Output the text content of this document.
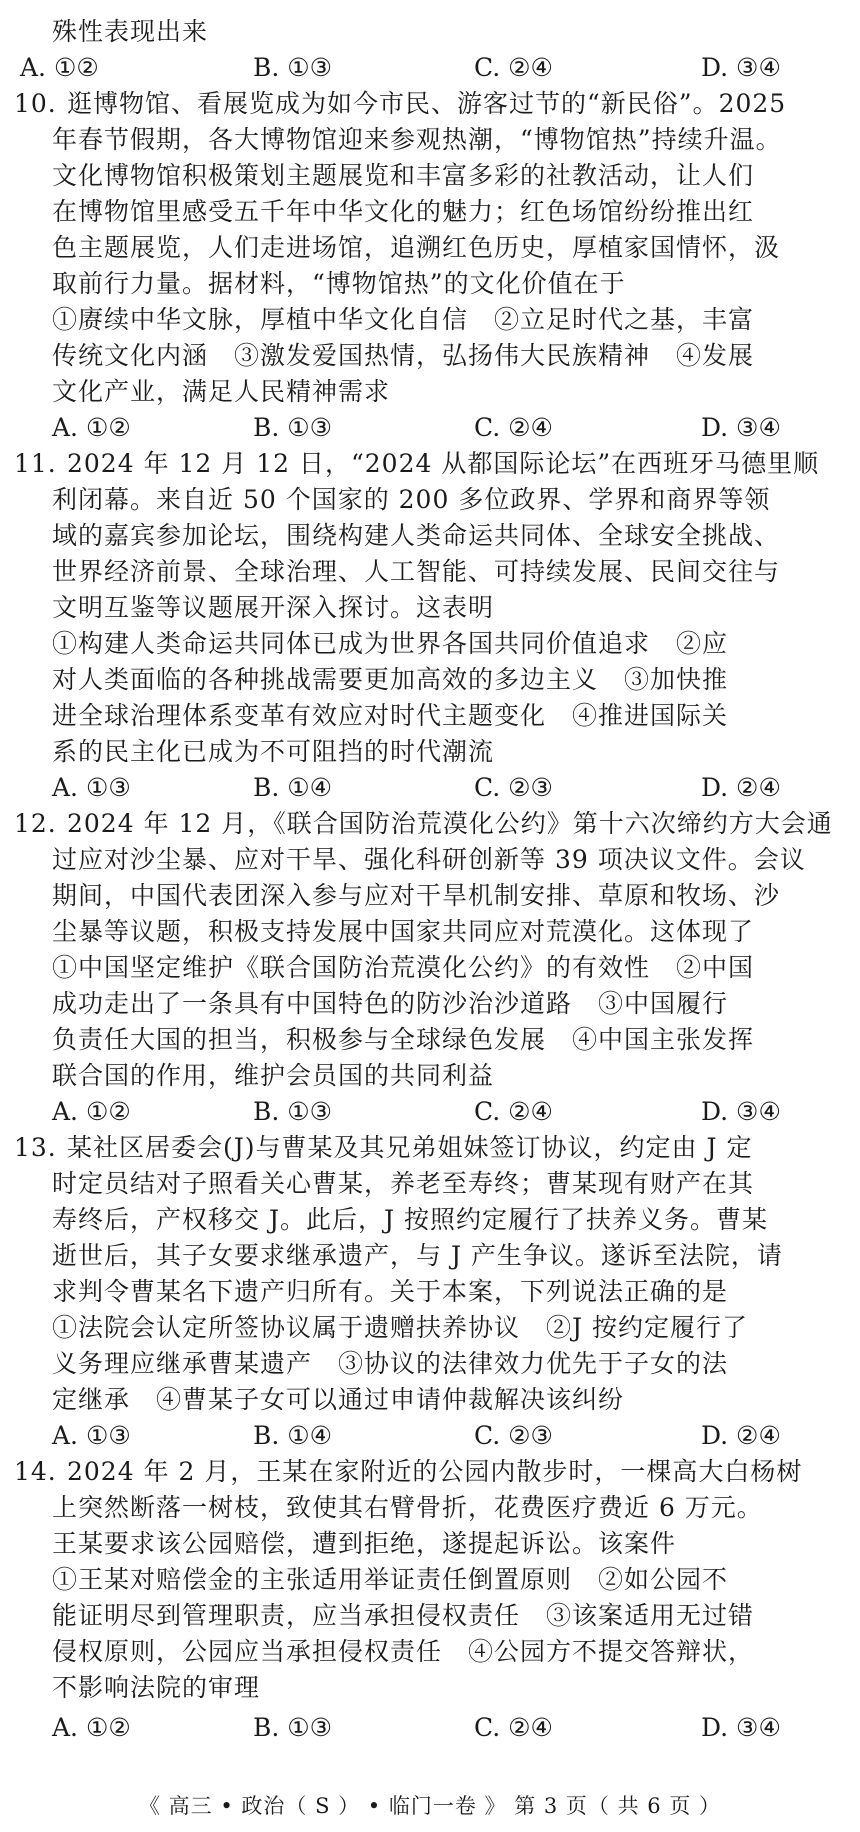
殊性表现出来
A. ①②	B. ①③	C. ②④	D. ③④
10. 逛博物馆、看展览成为如今市民、游客过节的“新民俗”。2025
年春节假期，各大博物馆迎来参观热潮，“博物馆热”持续升温。
文化博物馆积极策划主题展览和丰富多彩的社教活动，让人们
在博物馆里感受五千年中华文化的魅力；红色场馆纷纷推出红
色主题展览，人们走进场馆，追溯红色历史，厚植家国情怀，汲
取前行力量。据材料，“博物馆热”的文化价值在于
①赓续中华文脉，厚植中华文化自信　②立足时代之基，丰富
传统文化内涵　③激发爱国热情，弘扬伟大民族精神　④发展
文化产业，满足人民精神需求
A. ①②	B. ①③	C. ②④	D. ③④
11. 2024 年 12 月 12 日，“2024 从都国际论坛”在西班牙马德里顺
利闭幕。来自近 50 个国家的 200 多位政界、学界和商界等领
域的嘉宾参加论坛，围绕构建人类命运共同体、全球安全挑战、
世界经济前景、全球治理、人工智能、可持续发展、民间交往与
文明互鉴等议题展开深入探讨。这表明
①构建人类命运共同体已成为世界各国共同价值追求　②应
对人类面临的各种挑战需要更加高效的多边主义　③加快推
进全球治理体系变革有效应对时代主题变化　④推进国际关
系的民主化已成为不可阻挡的时代潮流
A. ①③	B. ①④	C. ②③	D. ②④
12. 2024 年 12 月，《联合国防治荒漠化公约》第十六次缔约方大会通
过应对沙尘暴、应对干旱、强化科研创新等 39 项决议文件。会议
期间，中国代表团深入参与应对干旱机制安排、草原和牧场、沙
尘暴等议题，积极支持发展中国家共同应对荒漠化。这体现了
①中国坚定维护《联合国防治荒漠化公约》的有效性　②中国
成功走出了一条具有中国特色的防沙治沙道路　③中国履行
负责任大国的担当，积极参与全球绿色发展　④中国主张发挥
联合国的作用，维护会员国的共同利益
A. ①②	B. ①③	C. ②④	D. ③④
13. 某社区居委会(J)与曹某及其兄弟姐妹签订协议，约定由 J 定
时定员结对子照看关心曹某，养老至寿终；曹某现有财产在其
寿终后，产权移交 J。此后，J 按照约定履行了扶养义务。曹某
逝世后，其子女要求继承遗产，与 J 产生争议。遂诉至法院，请
求判令曹某名下遗产归所有。关于本案，下列说法正确的是
①法院会认定所签协议属于遗赠扶养协议　②J 按约定履行了
义务理应继承曹某遗产　③协议的法律效力优先于子女的法
定继承　④曹某子女可以通过申请仲裁解决该纠纷
A. ①③	B. ①④	C. ②③	D. ②④
14. 2024 年 2 月，王某在家附近的公园内散步时，一棵高大白杨树
上突然断落一树枝，致使其右臂骨折，花费医疗费近 6 万元。
王某要求该公园赔偿，遭到拒绝，遂提起诉讼。该案件
①王某对赔偿金的主张适用举证责任倒置原则　②如公园不
能证明尽到管理职责，应当承担侵权责任　③该案适用无过错
侵权原则，公园应当承担侵权责任　④公园方不提交答辩状，
不影响法院的审理
A. ①②	B. ①③	C. ②④	D. ③④
《 高三 • 政治（ S ） • 临门一卷 》 第 3 页（ 共 6 页 ）
